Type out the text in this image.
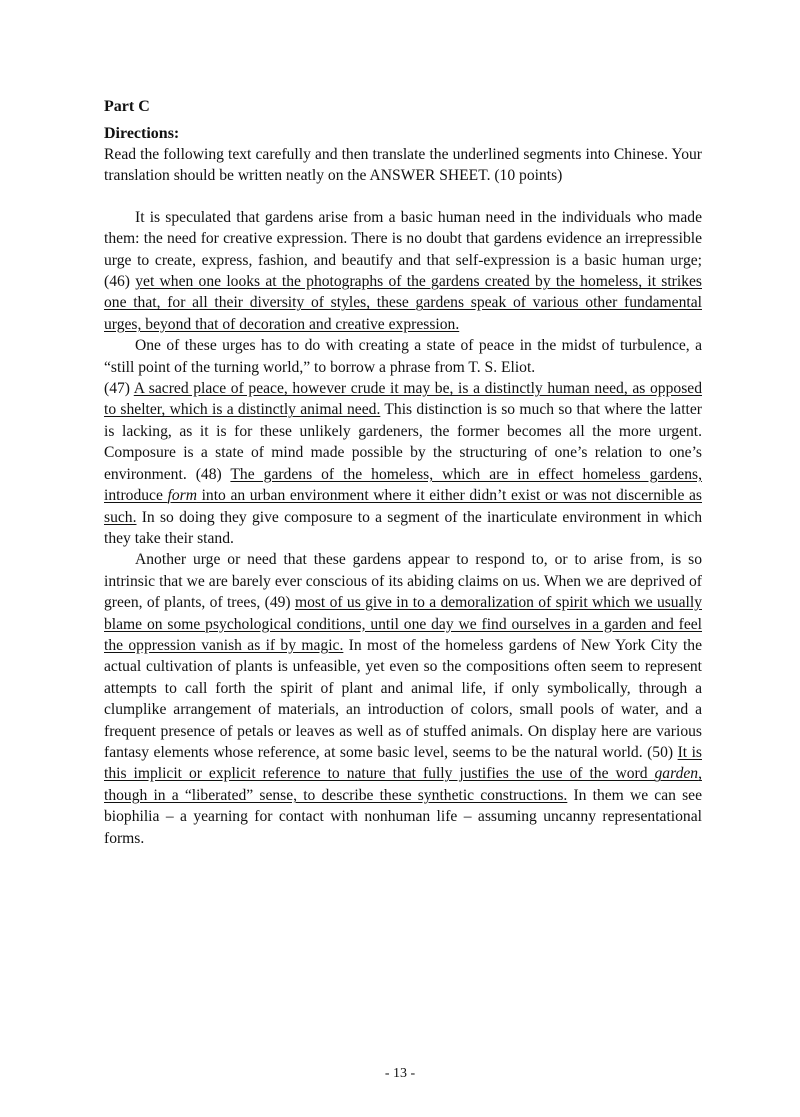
Part C

Directions:

Read the following text carefully and then translate the underlined segments into Chinese. Your translation should be written neatly on the ANSWER SHEET. (10 points)

It is speculated that gardens arise from a basic human need in the individuals who made them: the need for creative expression. There is no doubt that gardens evidence an irrepressible urge to create, express, fashion, and beautify and that self-expression is a basic human urge; (46) yet when one looks at the photographs of the gardens created by the homeless, it strikes one that, for all their diversity of styles, these gardens speak of various other fundamental urges, beyond that of decoration and creative expression.

One of these urges has to do with creating a state of peace in the midst of turbulence, a “still point of the turning world,” to borrow a phrase from T. S. Eliot.

(47) A sacred place of peace, however crude it may be, is a distinctly human need, as opposed to shelter, which is a distinctly animal need. This distinction is so much so that where the latter is lacking, as it is for these unlikely gardeners, the former becomes all the more urgent. Composure is a state of mind made possible by the structuring of one’s relation to one’s environment. (48) The gardens of the homeless, which are in effect homeless gardens, introduce form into an urban environment where it either didn’t exist or was not discernible as such. In so doing they give composure to a segment of the inarticulate environment in which they take their stand.

Another urge or need that these gardens appear to respond to, or to arise from, is so intrinsic that we are barely ever conscious of its abiding claims on us. When we are deprived of green, of plants, of trees, (49) most of us give in to a demoralization of spirit which we usually blame on some psychological conditions, until one day we find ourselves in a garden and feel the oppression vanish as if by magic. In most of the homeless gardens of New York City the actual cultivation of plants is unfeasible, yet even so the compositions often seem to represent attempts to call forth the spirit of plant and animal life, if only symbolically, through a clumplike arrangement of materials, an introduction of colors, small pools of water, and a frequent presence of petals or leaves as well as of stuffed animals. On display here are various fantasy elements whose reference, at some basic level, seems to be the natural world. (50) It is this implicit or explicit reference to nature that fully justifies the use of the word garden, though in a “liberated” sense, to describe these synthetic constructions. In them we can see biophilia – a yearning for contact with nonhuman life – assuming uncanny representational forms.

- 13 -
